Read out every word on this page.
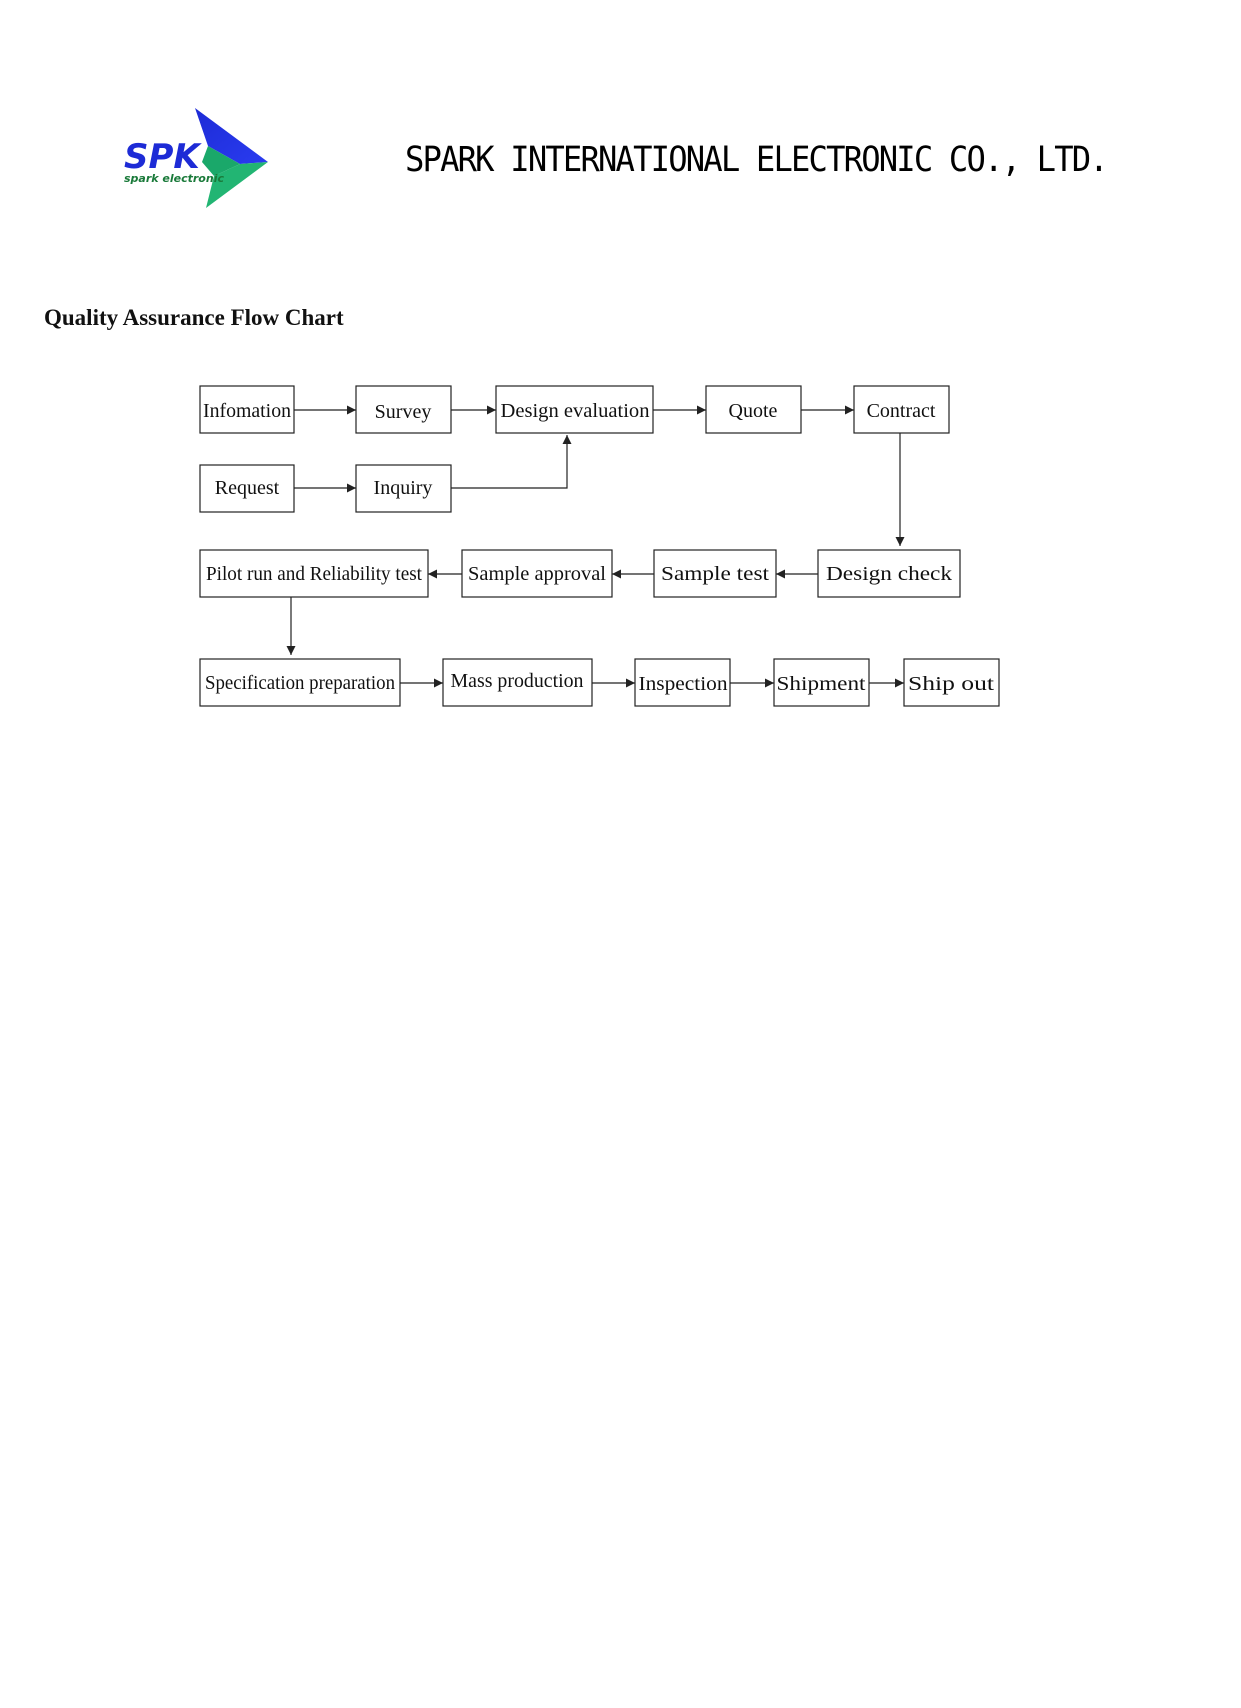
SPK
spark electronic	SPARK INTERNATIONAL ELECTRONIC CO., LTD.
Quality Assurance Flow Chart
Infomation	Survey	Design evaluation	Quote	Contract
Request	Inquiry
Pilot run and Reliability test Sample approval	Sample test	Design check
Specification preparation	Mass production	Inspection Shipment Ship out
